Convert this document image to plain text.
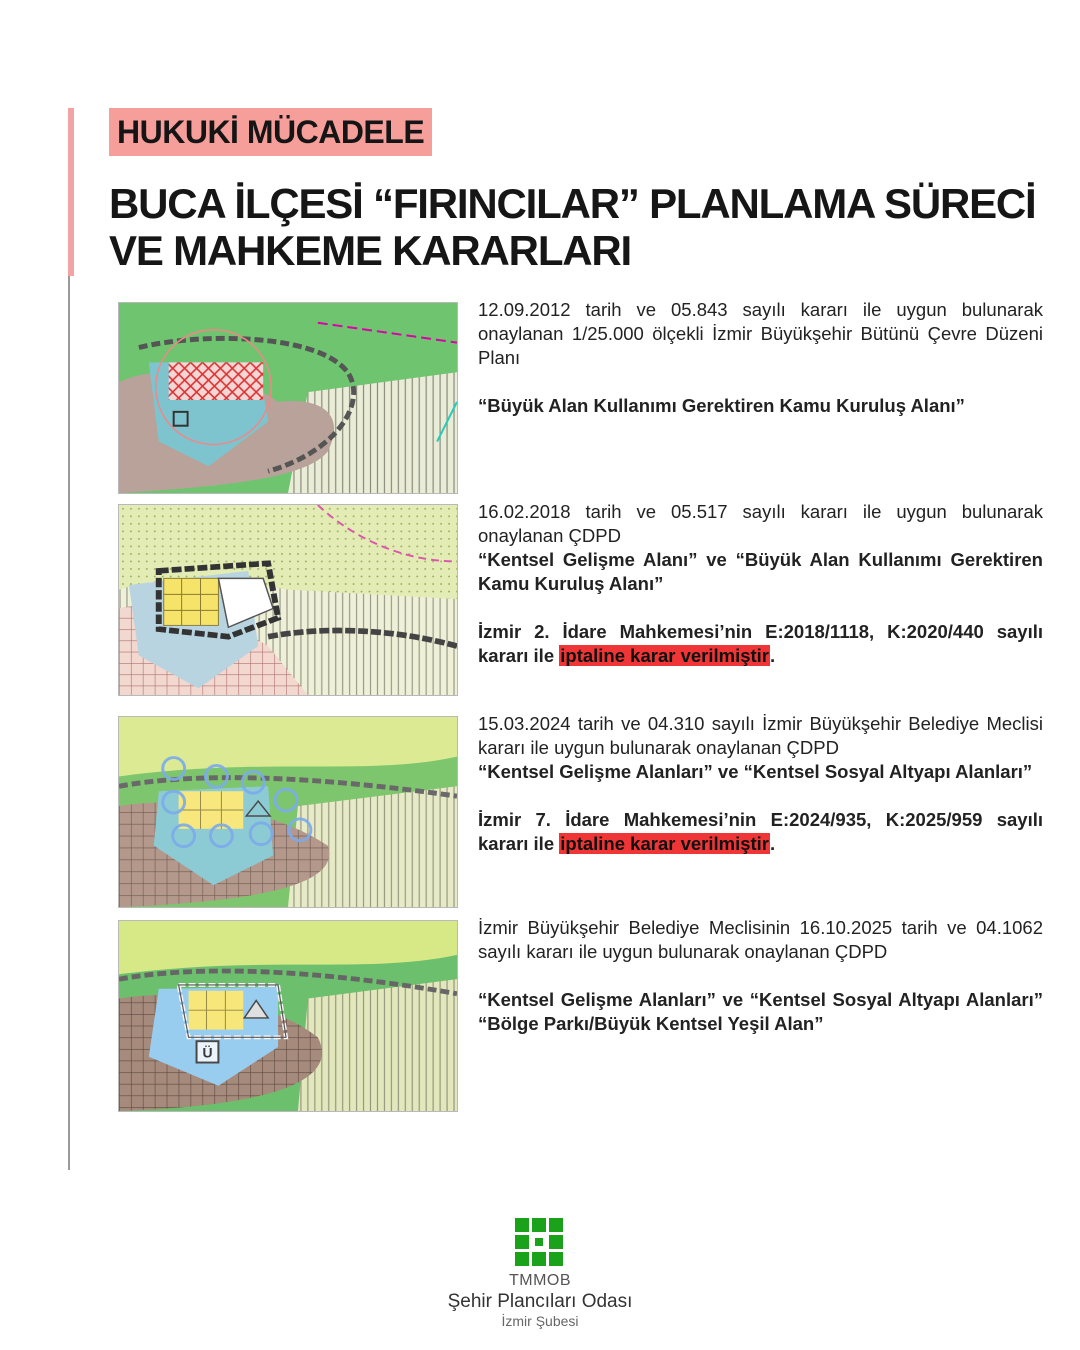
HUKUKİ MÜCADELE
BUCA İLÇESİ “FIRINCILAR” PLANLAMA SÜRECİ
VE MAHKEME KARARLARI

12.09.2012 tarih ve 05.843 sayılı kararı ile uygun bulunarak onaylanan 1/25.000 ölçekli İzmir Büyükşehir Bütünü Çevre Düzeni Planı

“Büyük Alan Kullanımı Gerektiren Kamu Kuruluş Alanı”

16.02.2018 tarih ve 05.517 sayılı kararı ile uygun bulunarak onaylanan ÇDPD

“Kentsel Gelişme Alanı” ve “Büyük Alan Kullanımı Gerektiren Kamu Kuruluş Alanı”

İzmir 2. İdare Mahkemesi’nin E:2018/1118, K:2020/440 sayılı kararı ile iptaline karar verilmiştir.

15.03.2024 tarih ve 04.310 sayılı İzmir Büyükşehir Belediye Meclisi kararı ile uygun bulunarak onaylanan ÇDPD

“Kentsel Gelişme Alanları” ve “Kentsel Sosyal Altyapı Alanları”

İzmir 7. İdare Mahkemesi’nin E:2024/935, K:2025/959 sayılı kararı ile iptaline karar verilmiştir.

Ü

İzmir Büyükşehir Belediye Meclisinin 16.10.2025 tarih ve 04.1062 sayılı kararı ile uygun bulunarak onaylanan ÇDPD

“Kentsel Gelişme Alanları” ve “Kentsel Sosyal Altyapı Alanları” “Bölge Parkı/Büyük Kentsel Yeşil Alan”

TMMOB
Şehir Plancıları Odası
İzmir Şubesi
